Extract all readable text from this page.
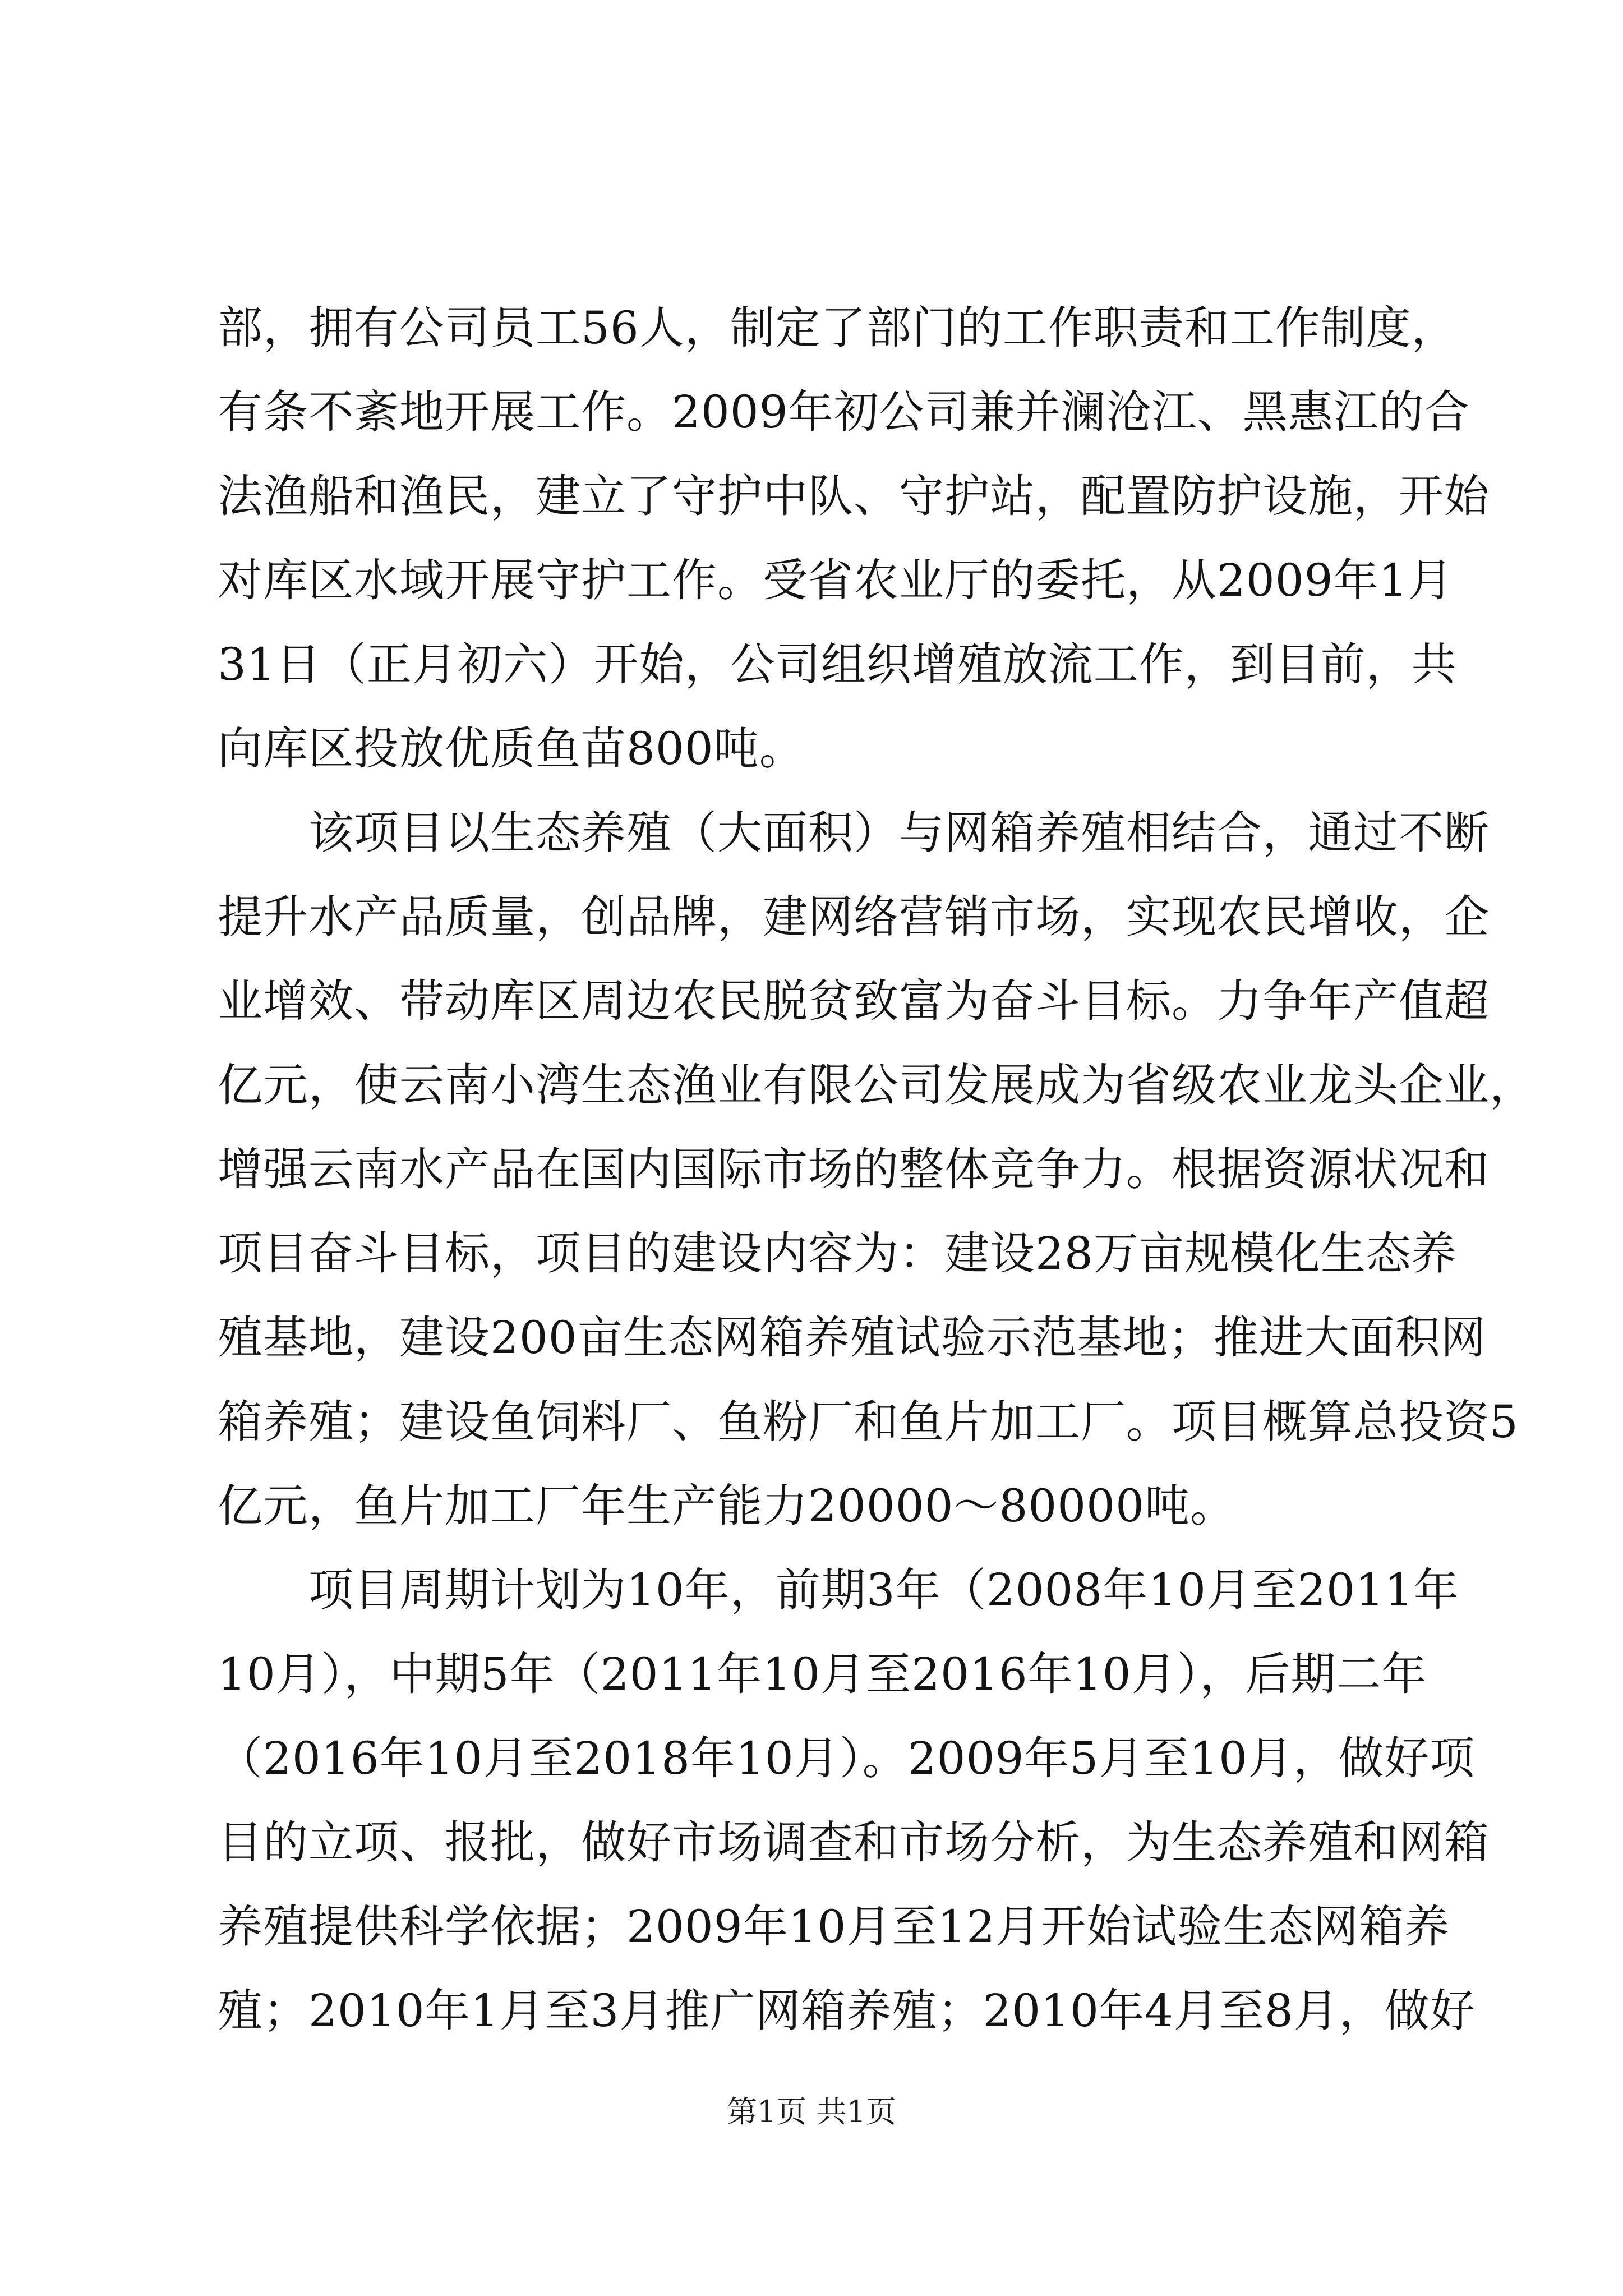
部，拥有公司员工56人，制定了部门的工作职责和工作制度，
有条不紊地开展工作。2009年初公司兼并澜沧江、黑惠江的合
法渔船和渔民，建立了守护中队、守护站，配置防护设施，开始
对库区水域开展守护工作。受省农业厅的委托，从2009年1月
31日（正月初六）开始，公司组织增殖放流工作，到目前，共
向库区投放优质鱼苗800吨。
该项目以生态养殖（大面积）与网箱养殖相结合，通过不断
提升水产品质量，创品牌，建网络营销市场，实现农民增收，企
业增效、带动库区周边农民脱贫致富为奋斗目标。力争年产值超
亿元，使云南小湾生态渔业有限公司发展成为省级农业龙头企业，
增强云南水产品在国内国际市场的整体竞争力。根据资源状况和
项目奋斗目标，项目的建设内容为：建设28万亩规模化生态养
殖基地，建设200亩生态网箱养殖试验示范基地；推进大面积网
箱养殖；建设鱼饲料厂、鱼粉厂和鱼片加工厂。项目概算总投资5
亿元，鱼片加工厂年生产能力20000～80000吨。
项目周期计划为10年，前期3年（2008年10月至2011年
10月），中期5年（2011年10月至2016年10月），后期二年
（2016年10月至2018年10月）。2009年5月至10月，做好项
目的立项、报批，做好市场调查和市场分析，为生态养殖和网箱
养殖提供科学依据；2009年10月至12月开始试验生态网箱养
殖；2010年1月至3月推广网箱养殖；2010年4月至8月，做好
第1页 共1页
